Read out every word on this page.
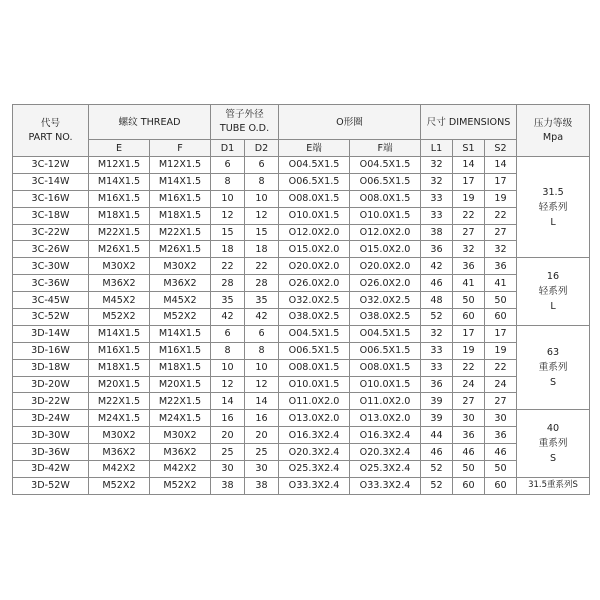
代号
PART NO.	螺纹 THREAD		管子外径
TUBE O.D.		O形圈		尺寸 DIMENSIONS			压力等级
Mpa

	E	F	D1	D2	E端	F端	L1	S1	S2	
3C-12W	M12X1.5	M12X1.5	6	6	O04.5X1.5	O04.5X1.5	32	14	14	31.5
轻系列
L

3C-14W	M14X1.5	M14X1.5	8	8	O06.5X1.5	O06.5X1.5	32	17	17	
3C-16W	M16X1.5	M16X1.5	10	10	O08.0X1.5	O08.0X1.5	33	19	19	
3C-18W	M18X1.5	M18X1.5	12	12	O10.0X1.5	O10.0X1.5	33	22	22	
3C-22W	M22X1.5	M22X1.5	15	15	O12.0X2.0	O12.0X2.0	38	27	27	
3C-26W	M26X1.5	M26X1.5	18	18	O15.0X2.0	O15.0X2.0	36	32	32	
3C-30W	M30X2	M30X2	22	22	O20.0X2.0	O20.0X2.0	42	36	36	16
轻系列
L

3C-36W	M36X2	M36X2	28	28	O26.0X2.0	O26.0X2.0	46	41	41	
3C-45W	M45X2	M45X2	35	35	O32.0X2.5	O32.0X2.5	48	50	50	
3C-52W	M52X2	M52X2	42	42	O38.0X2.5	O38.0X2.5	52	60	60	
3D-14W	M14X1.5	M14X1.5	6	6	O04.5X1.5	O04.5X1.5	32	17	17	63
重系列
S

3D-16W	M16X1.5	M16X1.5	8	8	O06.5X1.5	O06.5X1.5	33	19	19	
3D-18W	M18X1.5	M18X1.5	10	10	O08.0X1.5	O08.0X1.5	33	22	22	
3D-20W	M20X1.5	M20X1.5	12	12	O10.0X1.5	O10.0X1.5	36	24	24	
3D-22W	M22X1.5	M22X1.5	14	14	O11.0X2.0	O11.0X2.0	39	27	27	
3D-24W	M24X1.5	M24X1.5	16	16	O13.0X2.0	O13.0X2.0	39	30	30	40
重系列
S

3D-30W	M30X2	M30X2	20	20	O16.3X2.4	O16.3X2.4	44	36	36	
3D-36W	M36X2	M36X2	25	25	O20.3X2.4	O20.3X2.4	46	46	46	
3D-42W	M42X2	M42X2	30	30	O25.3X2.4	O25.3X2.4	52	50	50	
3D-52W	M52X2	M52X2	38	38	O33.3X2.4	O33.3X2.4	52	60	60	31.5重系列S
